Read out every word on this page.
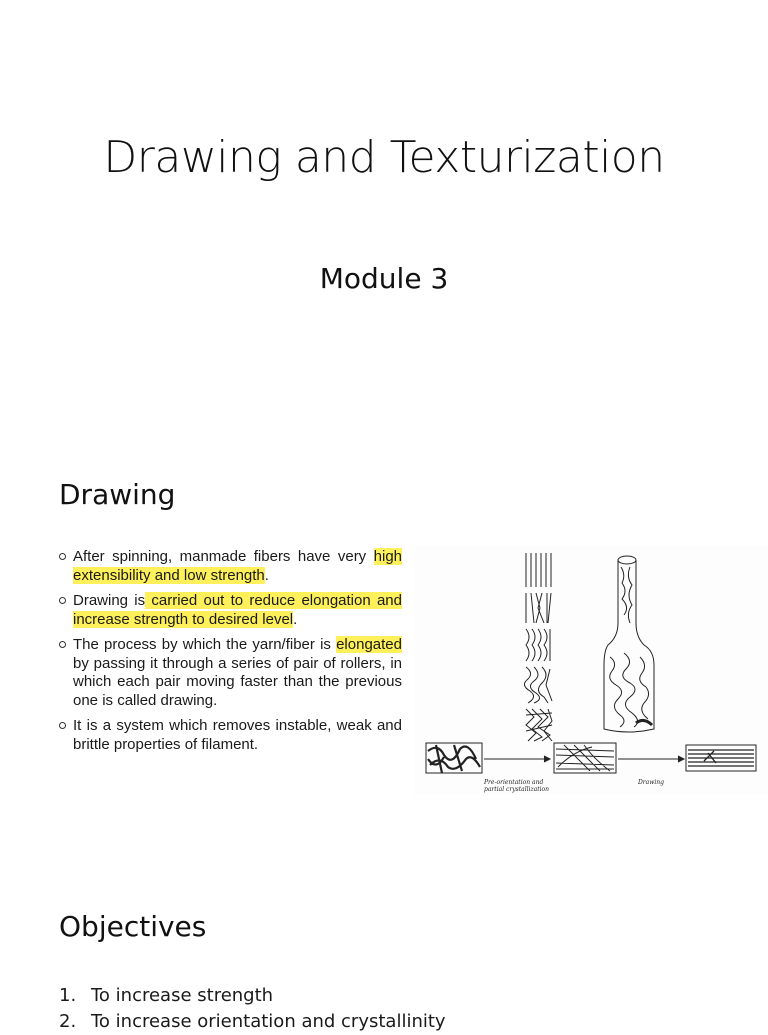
Drawing and Texturization
Module 3
Drawing
After spinning, manmade fibers have very high extensibility and low strength.
Drawing is carried out to reduce elongation and increase strength to desired level.
The process by which the yarn/fiber is elongated by passing it through a series of pair of rollers, in which each pair moving faster than the previous one is called drawing.
It is a system which removes instable, weak and brittle properties of filament.
Pre-orientation and partial crystallization
Drawing
Objectives
1. To increase strength
2. To increase orientation and crystallinity
